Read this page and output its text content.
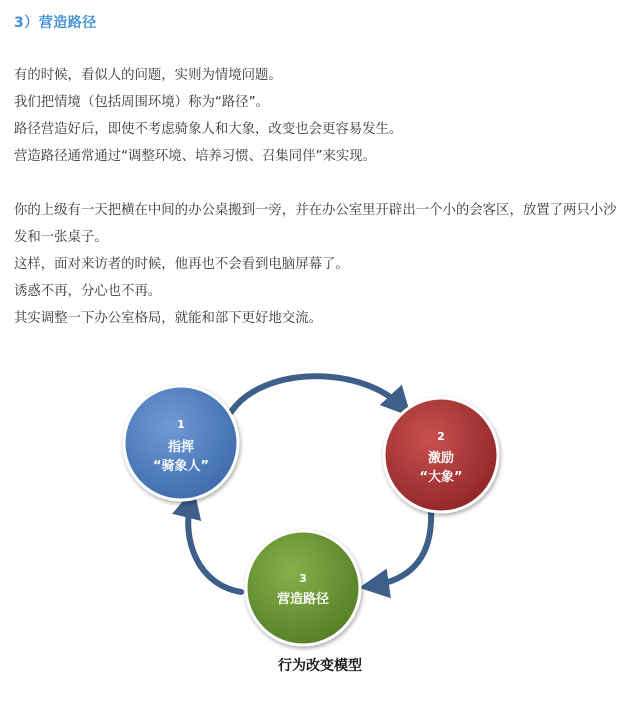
3）营造路径

有的时候，看似人的问题，实则为情境问题。

我们把情境（包括周围环境）称为“路径”。

路径营造好后，即使不考虑骑象人和大象，改变也会更容易发生。

营造路径通常通过“调整环境、培养习惯、召集同伴”来实现。

你的上级有一天把横在中间的办公桌搬到一旁，并在办公室里开辟出一个小的会客区，放置了两只小沙发和一张桌子。

这样，面对来访者的时候，他再也不会看到电脑屏幕了。

诱惑不再，分心也不再。

其实调整一下办公室格局，就能和部下更好地交流。

1
指挥
“骑象人”
2
激励
“大象”
3
营造路径
行为改变模型
